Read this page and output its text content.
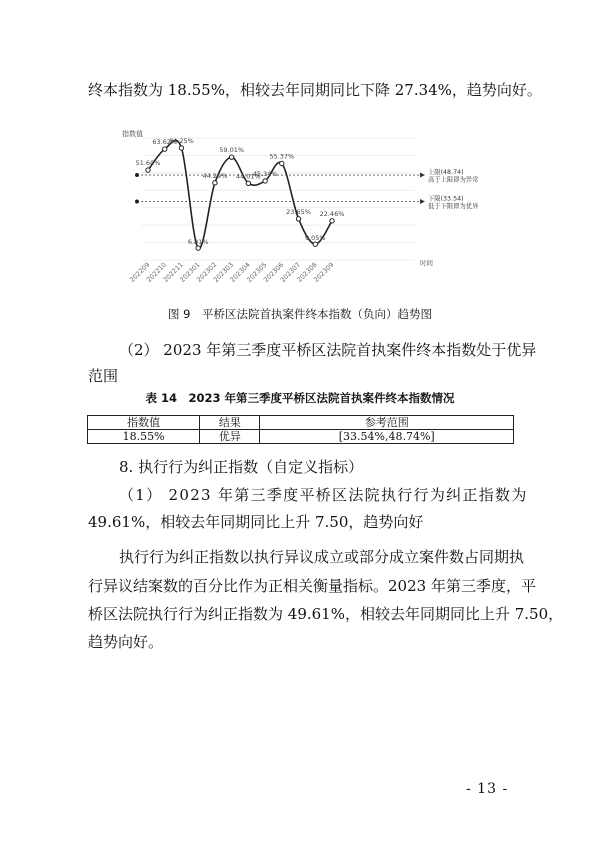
终本指数为 18.55%，相较去年同期同比下降 27.34%，趋势向好。
上限(48.74)
高于上限即为异常
下限(33.54)
低于下限即为优异
51.60%
63.62%
64.25%
6.81%
44.29%
59.01%
44.01%
45.34%
55.37%
23.65%
9.05%
22.46%
202209
202210
202211
202301
202302
202303
202304
202305
202306
202307
202308
202309
指数值
时间
图 9　平桥区法院首执案件终本指数（负向）趋势图
（2） 2023 年第三季度平桥区法院首执案件终本指数处于优异
范围
表 14　2023 年第三季度平桥区法院首执案件终本指数情况
指数值	结果	参考范围
18.55%	优异	[33.54%,48.74%]
8. 执行行为纠正指数（自定义指标）
（1） 2023 年第三季度平桥区法院执行行为纠正指数为
49.61%，相较去年同期同比上升 7.50，趋势向好
执行行为纠正指数以执行异议成立或部分成立案件数占同期执
行异议结案数的百分比作为正相关衡量指标。2023 年第三季度，平
桥区法院执行行为纠正指数为 49.61%，相较去年同期同比上升 7.50，
趋势向好。
- 13 -
